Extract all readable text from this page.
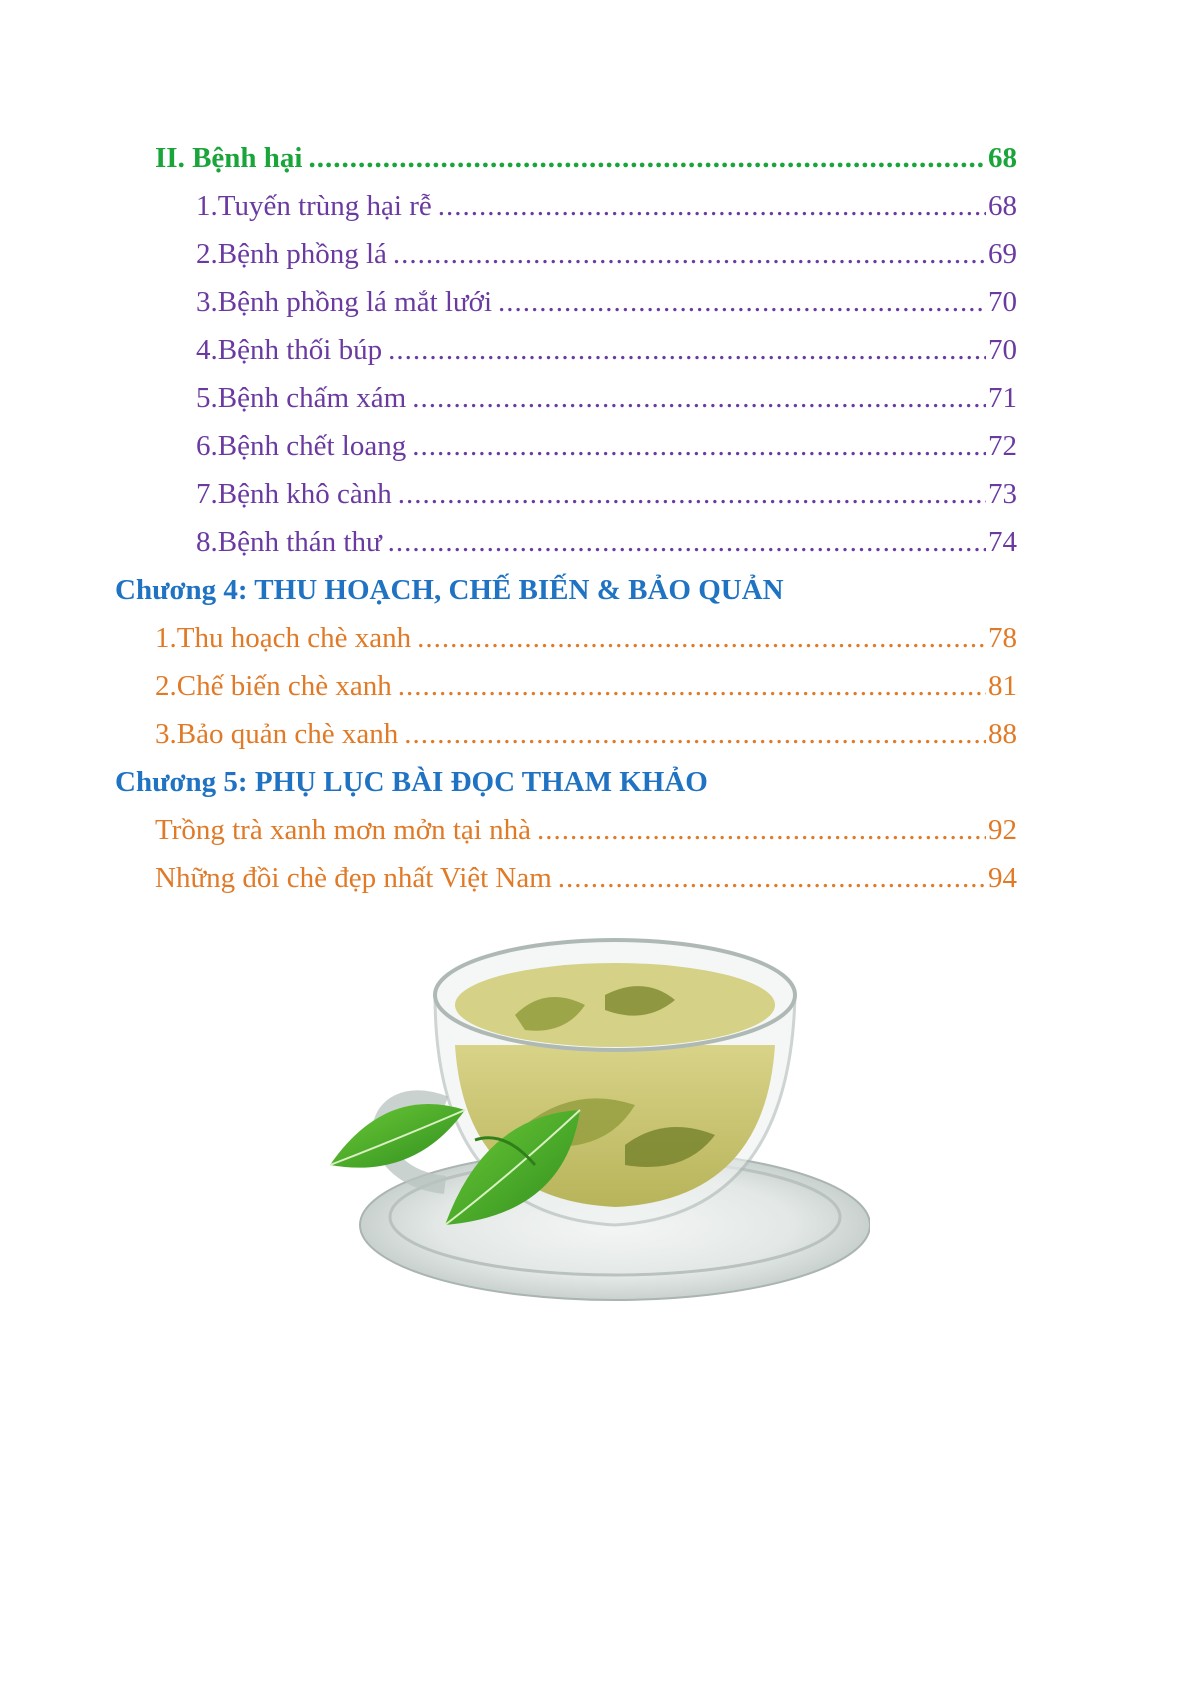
II. Bệnh hại .....	68
1. Tuyến trùng hại rễ .....	68
2. Bệnh phồng lá .....	69
3. Bệnh phồng lá mắt lưới .....	70
4. Bệnh thối búp .....	70
5. Bệnh chấm xám .....	71
6. Bệnh chết loang .....	72
7. Bệnh khô cành .....	73
8. Bệnh thán thư .....	74
Chương 4: THU HOẠCH, CHẾ BIẾN & BẢO QUẢN
1. Thu hoạch chè xanh .....	78
2. Chế biến chè xanh .....	81
3. Bảo quản chè xanh .....	88
Chương 5: PHỤ LỤC BÀI ĐỌC THAM KHẢO
Trồng trà xanh mơn mởn tại nhà .....	92
Những đồi chè đẹp nhất Việt Nam .....	94
